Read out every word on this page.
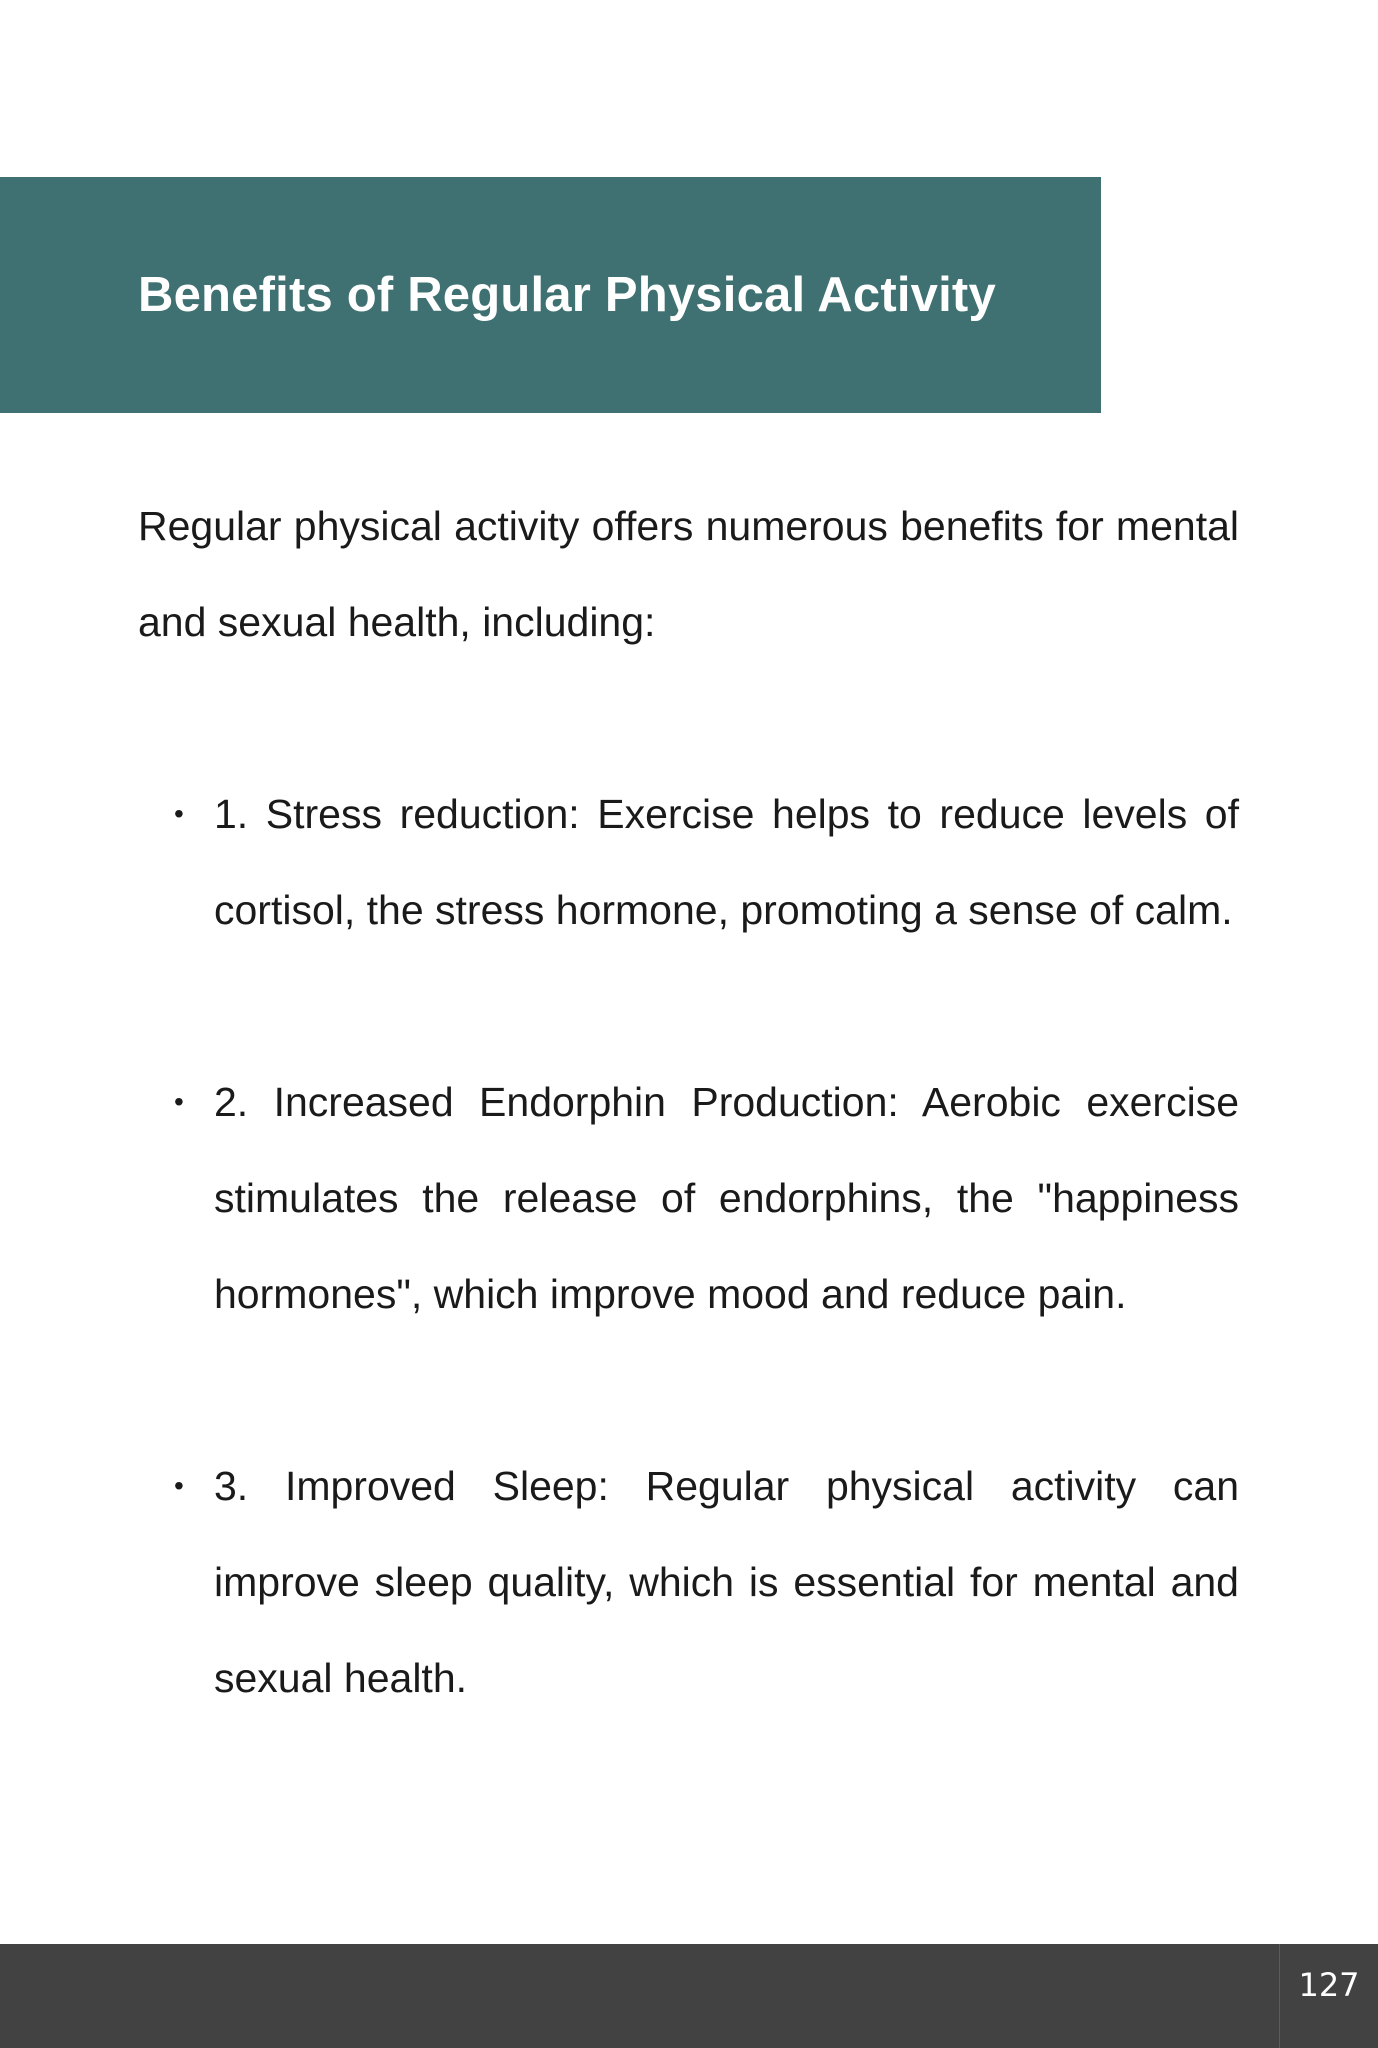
Benefits of Regular Physical Activity

Regular physical activity offers numerous benefits for mental and sexual health, including:

• 1. Stress reduction: Exercise helps to reduce levels of cortisol, the stress hormone, promoting a sense of calm.
• 2. Increased Endorphin Production: Aerobic exercise stimulates the release of endorphins, the "happiness hormones", which improve mood and reduce pain.
• 3. Improved Sleep: Regular physical activity can improve sleep quality, which is essential for mental and sexual health.
127
